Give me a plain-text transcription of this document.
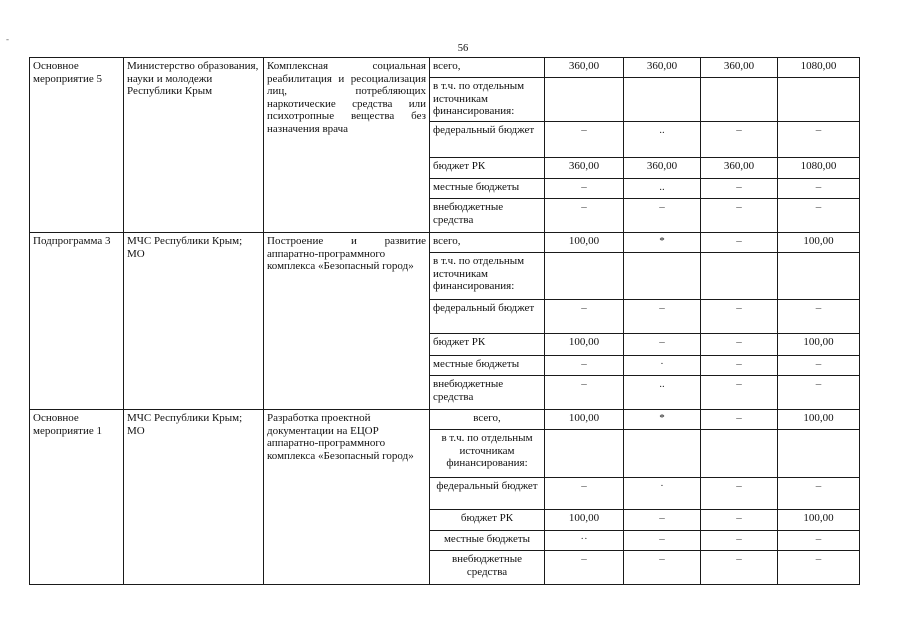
-
56
Основное мероприятие 5	Министерство образования, науки и молодежи Республики Крым	Комплексная социальная реабилитация и ресоциализация лиц, потребляющих наркотические средства или психотропные вещества без назначения врача	всего,	360,00	360,00	360,00	1080,00
			в т.ч. по отдельным источникам финансирования:				
			федеральный бюджет	–	..	–	–
			бюджет РК	360,00	360,00	360,00	1080,00
			местные бюджеты	–	..	–	–
			внебюджетные средства	–	–	–	–
Подпрограмма 3	МЧС Республики Крым; МО	Построение и развитие аппаратно-программного комплекса «Безопасный город»	всего,	100,00	*	–	100,00
			в т.ч. по отдельным источникам финансирования:				
			федеральный бюджет	–	–	–	–
			бюджет РК	100,00	–	–	100,00
			местные бюджеты	–	·	–	–
			внебюджетные средства	–	..	–	–
Основное мероприятие 1	МЧС Республики Крым; МО	Разработка проектной документации на ЕЦОР аппаратно-программного комплекса «Безопасный город»	всего,	100,00	*	–	100,00
			в т.ч. по отдельным источникам финансирования:				
			федеральный бюджет	–	·	–	–
			бюджет РК	100,00	–	–	100,00
			местные бюджеты	··	–	–	–
			внебюджетные средства	–	–	–	–
